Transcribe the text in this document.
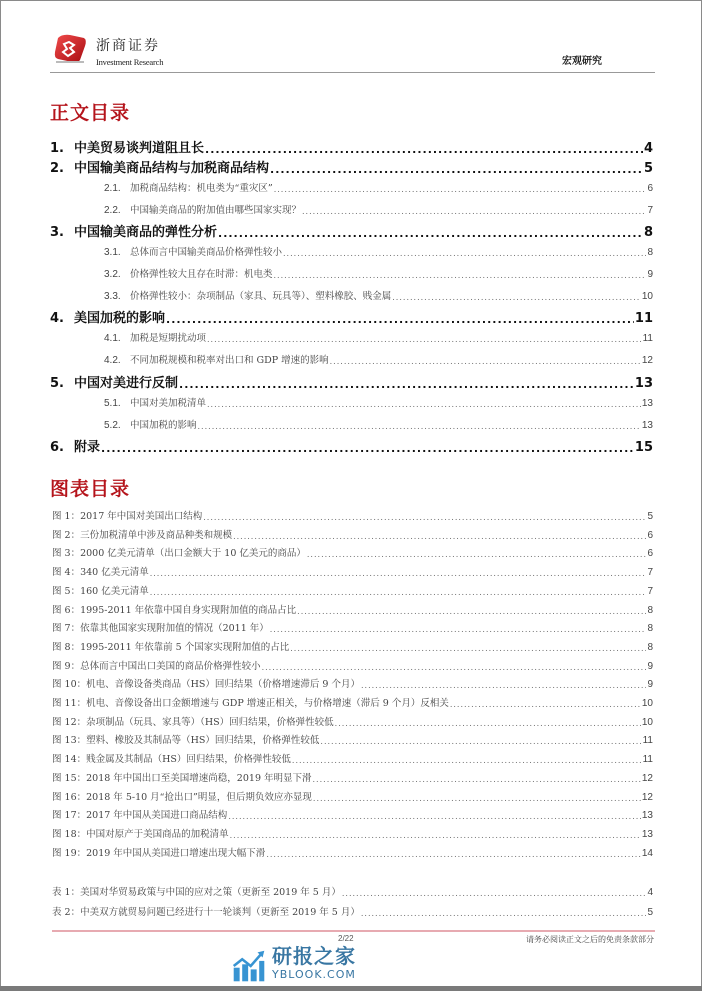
浙商证券
Investment Research	宏观研究
正文目录
1. 中美贸易谈判道阻且长 .....	4
2. 中国输美商品结构与加税商品结构 .....	5
2.1. 加税商品结构：机电类为“重灾区” .....	6
2.2. 中国输美商品的附加值由哪些国家实现？ .....	7
3. 中国输美商品的弹性分析 .....	8
3.1. 总体而言中国输美商品价格弹性较小 .....	8
3.2. 价格弹性较大且存在时滞：机电类 .....	9
3.3. 价格弹性较小：杂项制品（家具、玩具等）、塑料橡胶、贱金属 .....	10
4. 美国加税的影响 .....	11
4.1. 加税是短期扰动项 .....	11
4.2. 不同加税规模和税率对出口和 GDP 增速的影响 .....	12
5. 中国对美进行反制 .....	13
5.1. 中国对美加税清单 .....	13
5.2. 中国加税的影响 .....	13
6. 附录 .....	15
图表目录
图 1：2017 年中国对美国出口结构 .....	5
图 2：三份加税清单中涉及商品种类和规模 .....	6
图 3：2000 亿美元清单（出口金额大于 10 亿美元的商品） .....	6
图 4：340 亿美元清单 .....	7
图 5：160 亿美元清单 .....	7
图 6：1995-2011 年依靠中国自身实现附加值的商品占比 .....	8
图 7：依靠其他国家实现附加值的情况（2011 年） .....	8
图 8：1995-2011 年依靠前 5 个国家实现附加值的占比 .....	8
图 9：总体而言中国出口美国的商品价格弹性较小 .....	9
图 10：机电、音像设备类商品（HS）回归结果（价格增速滞后 9 个月） .....	9
图 11：机电、音像设备出口金额增速与 GDP 增速正相关，与价格增速（滞后 9 个月）反相关 .....	10
图 12：杂项制品（玩具、家具等）（HS）回归结果，价格弹性较低 .....	10
图 13：塑料、橡胶及其制品等（HS）回归结果，价格弹性较低 .....	11
图 14：贱金属及其制品（HS）回归结果，价格弹性较低 .....	11
图 15：2018 年中国出口至美国增速尚稳，2019 年明显下滑 .....	12
图 16：2018 年 5-10 月“抢出口”明显，但后期负效应亦显现 .....	12
图 17：2017 年中国从美国进口商品结构 .....	13
图 18：中国对原产于美国商品的加税清单 .....	13
图 19：2019 年中国从美国进口增速出现大幅下滑 .....	14
表 1：美国对华贸易政策与中国的应对之策（更新至 2019 年 5 月） .....	4
表 2：中美双方就贸易问题已经进行十一轮谈判（更新至 2019 年 5 月） .....	5
2/22	请务必阅读正文之后的免责条款部分
研报之家
YBLOOK.COM
